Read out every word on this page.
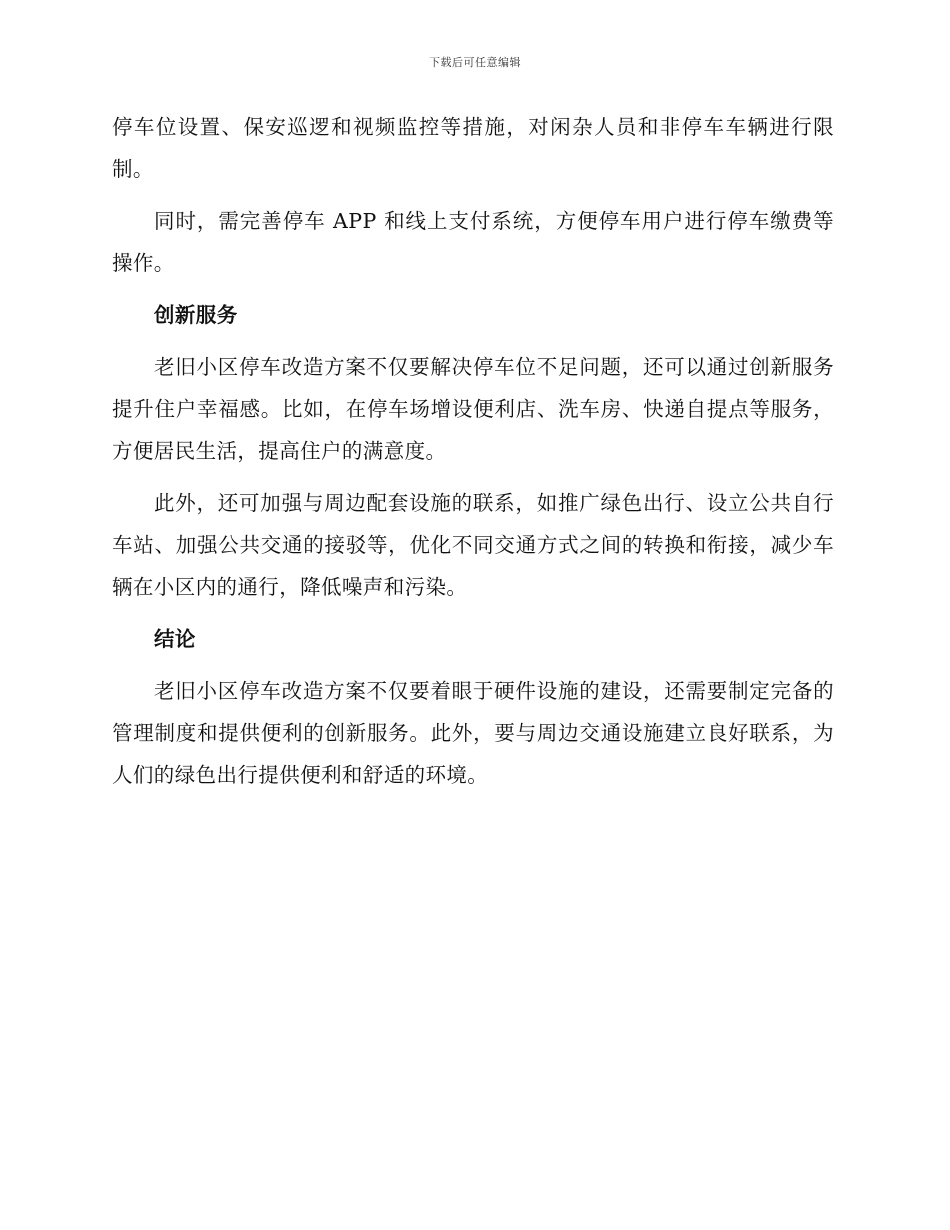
下载后可任意编辑

停车位设置、保安巡逻和视频监控等措施，对闲杂人员和非停车车辆进行限制。

同时，需完善停车 APP 和线上支付系统，方便停车用户进行停车缴费等操作。

创新服务

老旧小区停车改造方案不仅要解决停车位不足问题，还可以通过创新服务提升住户幸福感。比如，在停车场增设便利店、洗车房、快递自提点等服务，方便居民生活，提高住户的满意度。

此外，还可加强与周边配套设施的联系，如推广绿色出行、设立公共自行车站、加强公共交通的接驳等，优化不同交通方式之间的转换和衔接，减少车辆在小区内的通行，降低噪声和污染。

结论

老旧小区停车改造方案不仅要着眼于硬件设施的建设，还需要制定完备的管理制度和提供便利的创新服务。此外，要与周边交通设施建立良好联系，为人们的绿色出行提供便利和舒适的环境。
